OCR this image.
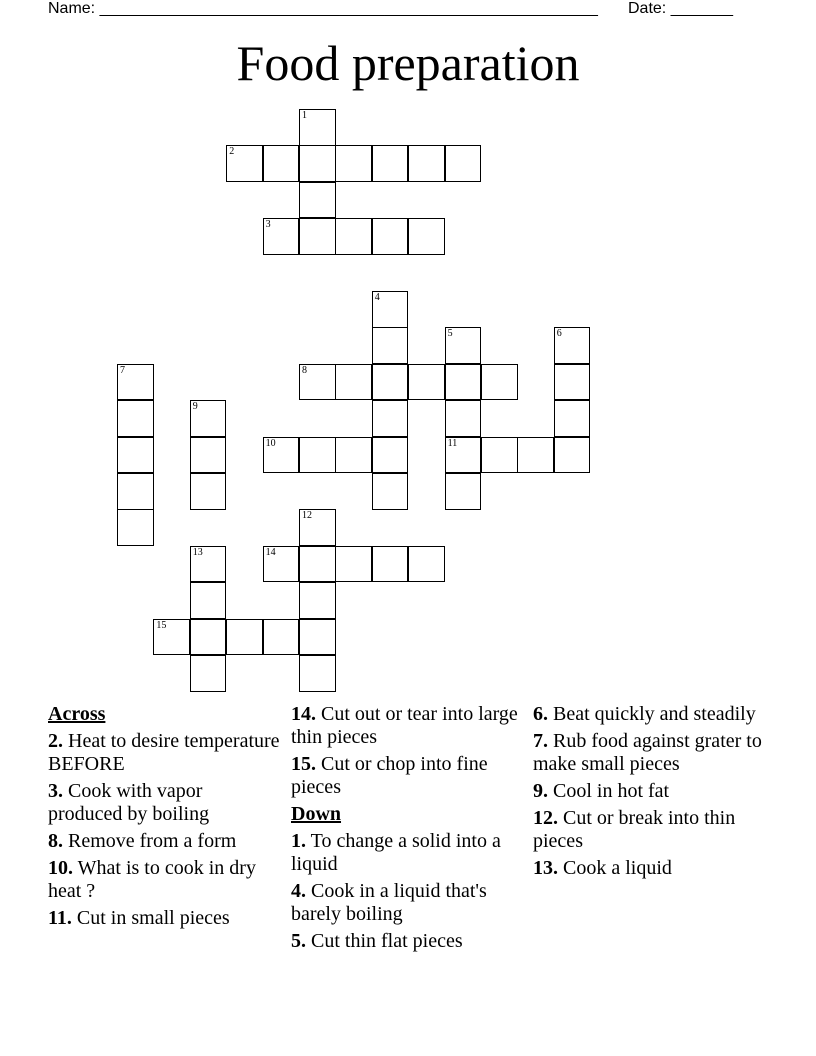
Name: ________________________________________________________ Date: _______
Food preparation
1
2
3
4
5	6
7	8
9
10	11
12
13	14
15
Across
2. Heat to desire temperature BEFORE
3. Cook with vapor produced by boiling
8. Remove from a form
10. What is to cook in dry heat ?
11. Cut in small pieces
14. Cut out or tear into large thin pieces
15. Cut or chop into fine pieces
Down
1. To change a solid into a liquid
4. Cook in a liquid that's barely boiling
5. Cut thin flat pieces
6. Beat quickly and steadily
7. Rub food against grater to make small pieces
9. Cool in hot fat
12. Cut or break into thin pieces
13. Cook a liquid
